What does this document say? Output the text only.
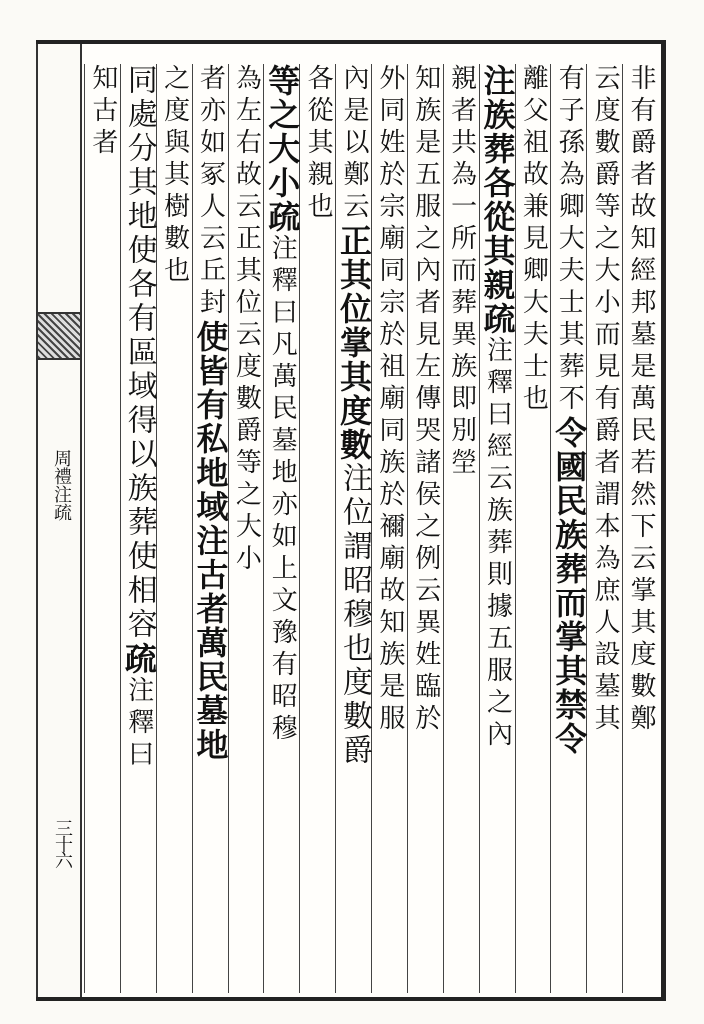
周禮注疏
三十六
非有爵者故知經邦墓是萬民若然下云掌其度數鄭
云度數爵等之大小而見有爵者謂本為庶人設墓其
有子孫為卿大夫士其葬不令國民族葬而掌其禁令
離父祖故兼見卿大夫士也
注族葬各從其親疏注釋曰經云族葬則據五服之內
親者共為一所而葬異族即別塋
知族是五服之內者見左傳哭諸侯之例云異姓臨於
外同姓於宗廟同宗於祖廟同族於禰廟故知族是服
內是以鄭云正其位掌其度數注位謂昭穆也度數爵
各從其親也
等之大小疏注釋曰凡萬民墓地亦如上文豫有昭穆
為左右故云正其位云度數爵等之大小
者亦如冢人云丘封使皆有私地域注古者萬民墓地
之度與其樹數也
同處分其地使各有區域得以族葬使相容疏注釋曰
知古者
